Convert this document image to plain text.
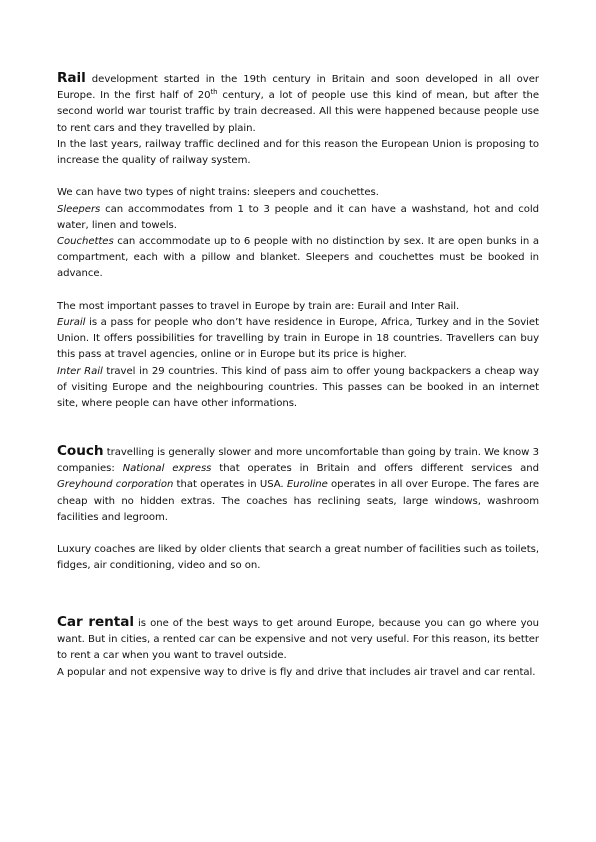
Rail development started in the 19th century in Britain and soon developed in all over Europe. In the first half of 20th century, a lot of people use this kind of mean, but after the second world war tourist traffic by train decreased. All this were happened because people use to rent cars and they travelled by plain.

In the last years, railway traffic declined and for this reason the European Union is proposing to increase the quality of railway system.

We can have two types of night trains: sleepers and couchettes.

Sleepers can accommodates from 1 to 3 people and it can have a washstand, hot and cold water, linen and towels.

Couchettes can accommodate up to 6 people with no distinction by sex. It are open bunks in a compartment, each with a pillow and blanket. Sleepers and couchettes must be booked in advance.

The most important passes to travel in Europe by train are: Eurail and Inter Rail.

Eurail is a pass for people who don’t have residence in Europe, Africa, Turkey and in the Soviet Union. It offers possibilities for travelling by train in Europe in 18 countries. Travellers can buy this pass at travel agencies, online or in Europe but its price is higher.

Inter Rail travel in 29 countries. This kind of pass aim to offer young backpackers a cheap way of visiting Europe and the neighbouring countries. This passes can be booked in an internet site, where people can have other informations.

Couch travelling is generally slower and more uncomfortable than going by train. We know 3 companies: National express that operates in Britain and offers different services and Greyhound corporation that operates in USA. Euroline operates in all over Europe. The fares are cheap with no hidden extras. The coaches has reclining seats, large windows, washroom facilities and legroom.

Luxury coaches are liked by older clients that search a great number of facilities such as toilets, fidges, air conditioning, video and so on.

Car rental is one of the best ways to get around Europe, because you can go where you want. But in cities, a rented car can be expensive and not very useful. For this reason, its better to rent a car when you want to travel outside.

A popular and not expensive way to drive is fly and drive that includes air travel and car rental.
